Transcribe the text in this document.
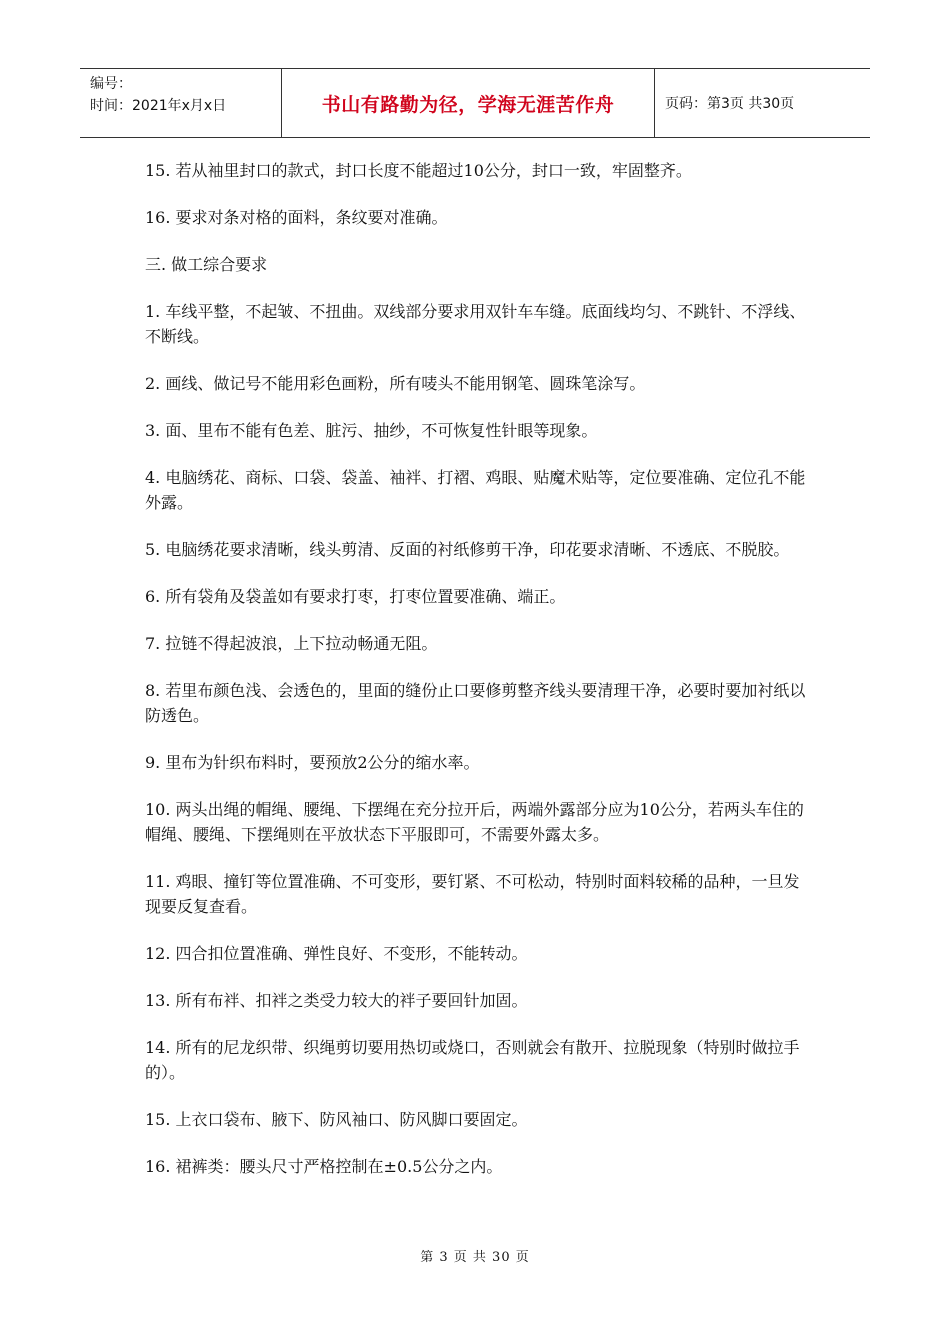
编号：
时间：2021年x月x日	书山有路勤为径，学海无涯苦作舟	页码：第3页 共30页

15. 若从袖里封口的款式，封口长度不能超过10公分，封口一致，牢固整齐。

16. 要求对条对格的面料，条纹要对准确。

三. 做工综合要求

1. 车线平整，不起皱、不扭曲。双线部分要求用双针车车缝。底面线均匀、不跳针、不浮线、不断线。

2. 画线、做记号不能用彩色画粉，所有唛头不能用钢笔、圆珠笔涂写。

3. 面、里布不能有色差、脏污、抽纱，不可恢复性针眼等现象。

4. 电脑绣花、商标、口袋、袋盖、袖袢、打褶、鸡眼、贴魔术贴等，定位要准确、定位孔不能外露。

5. 电脑绣花要求清晰，线头剪清、反面的衬纸修剪干净，印花要求清晰、不透底、不脱胶。

6. 所有袋角及袋盖如有要求打枣，打枣位置要准确、端正。

7. 拉链不得起波浪，上下拉动畅通无阻。

8. 若里布颜色浅、会透色的，里面的缝份止口要修剪整齐线头要清理干净，必要时要加衬纸以防透色。

9. 里布为针织布料时，要预放2公分的缩水率。

10. 两头出绳的帽绳、腰绳、下摆绳在充分拉开后，两端外露部分应为10公分，若两头车住的帽绳、腰绳、下摆绳则在平放状态下平服即可，不需要外露太多。

11. 鸡眼、撞钉等位置准确、不可变形，要钉紧、不可松动，特别时面料较稀的品种，一旦发现要反复查看。

12. 四合扣位置准确、弹性良好、不变形，不能转动。

13. 所有布袢、扣袢之类受力较大的袢子要回针加固。

14. 所有的尼龙织带、织绳剪切要用热切或烧口，否则就会有散开、拉脱现象（特别时做拉手的）。

15. 上衣口袋布、腋下、防风袖口、防风脚口要固定。

16. 裙裤类：腰头尺寸严格控制在±0.5公分之内。

第 3 页 共 30 页
